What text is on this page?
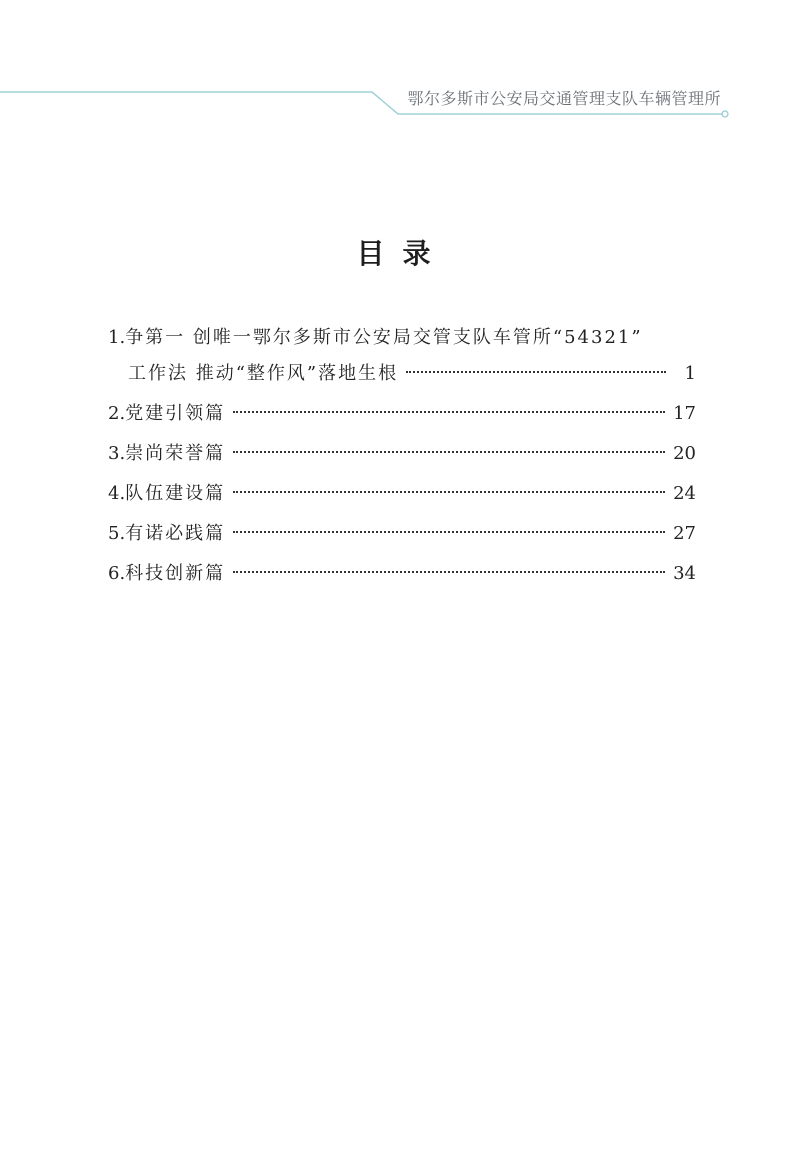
鄂尔多斯市公安局交通管理支队车辆管理所
目录
1. 争第一 创唯一鄂尔多斯市公安局交管支队车管所“54321”
工作法 推动“整作风”落地生根	1
2. 党建引领篇	17
3. 崇尚荣誉篇	20
4. 队伍建设篇	24
5. 有诺必践篇	27
6. 科技创新篇	34
